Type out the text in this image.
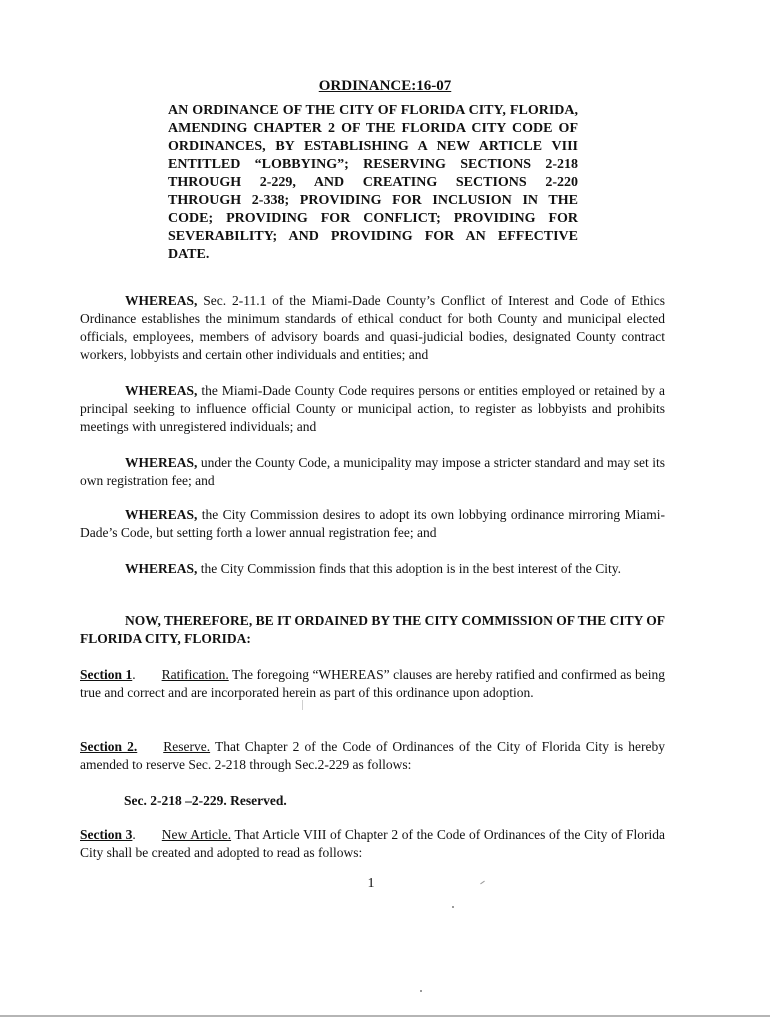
ORDINANCE:16-07
AN ORDINANCE OF THE CITY OF FLORIDA CITY, FLORIDA, AMENDING CHAPTER 2 OF THE FLORIDA CITY CODE OF ORDINANCES, BY ESTABLISHING A NEW ARTICLE VIII ENTITLED “LOBBYING”; RESERVING SECTIONS 2-218 THROUGH 2-229, AND CREATING SECTIONS 2-220 THROUGH 2-338; PROVIDING FOR INCLUSION IN THE CODE; PROVIDING FOR CONFLICT; PROVIDING FOR SEVERABILITY; AND PROVIDING FOR AN EFFECTIVE DATE.

WHEREAS, Sec. 2-11.1 of the Miami-Dade County’s Conflict of Interest and Code of Ethics Ordinance establishes the minimum standards of ethical conduct for both County and municipal elected officials, employees, members of advisory boards and quasi-judicial bodies, designated County contract workers, lobbyists and certain other individuals and entities; and

WHEREAS, the Miami-Dade County Code requires persons or entities employed or retained by a principal seeking to influence official County or municipal action, to register as lobbyists and prohibits meetings with unregistered individuals; and

WHEREAS, under the County Code, a municipality may impose a stricter standard and may set its own registration fee; and

WHEREAS, the City Commission desires to adopt its own lobbying ordinance mirroring Miami-Dade’s Code, but setting forth a lower annual registration fee; and

WHEREAS, the City Commission finds that this adoption is in the best interest of the City.

NOW, THEREFORE, BE IT ORDAINED BY THE CITY COMMISSION OF THE CITY OF FLORIDA CITY, FLORIDA:

Section 1. Ratification. The foregoing “WHEREAS” clauses are hereby ratified and confirmed as being true and correct and are incorporated herein as part of this ordinance upon adoption.

Section 2. Reserve. That Chapter 2 of the Code of Ordinances of the City of Florida City is hereby amended to reserve Sec. 2-218 through Sec.2-229 as follows:

Sec. 2-218 –2-229. Reserved.

Section 3. New Article. That Article VIII of Chapter 2 of the Code of Ordinances of the City of Florida City shall be created and adopted to read as follows:

1
